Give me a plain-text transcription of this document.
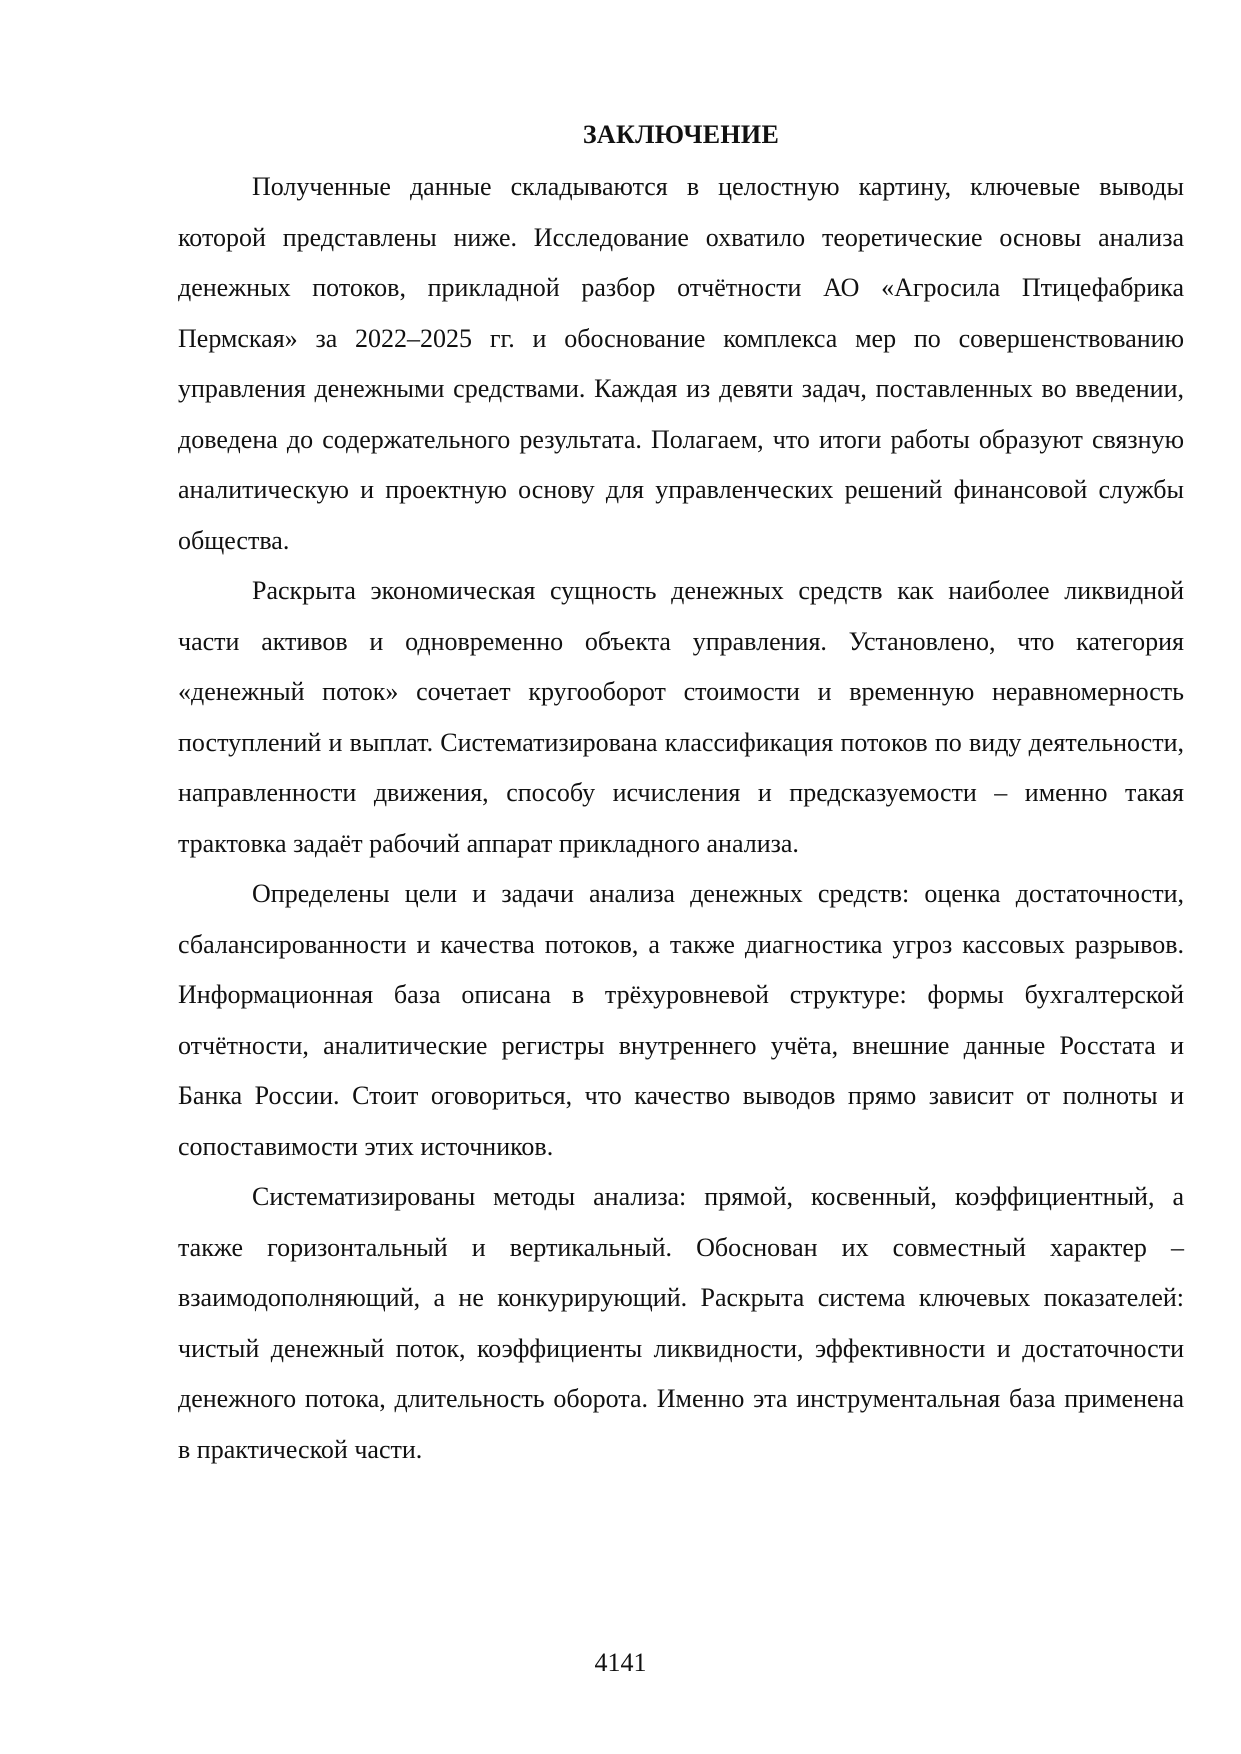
ЗАКЛЮЧЕНИЕ

Полученные данные складываются в целостную картину, ключевые выводы которой представлены ниже. Исследование охватило теоретические основы анализа денежных потоков, прикладной разбор отчётности АО «Агросила Птицефабрика Пермская» за 2022–2025 гг. и обоснование комплекса мер по совершенствованию управления денежными средствами. Каждая из девяти задач, поставленных во введении, доведена до содержательного результата. Полагаем, что итоги работы образуют связную аналитическую и проектную основу для управленческих решений финансовой службы общества.

Раскрыта экономическая сущность денежных средств как наиболее ликвидной части активов и одновременно объекта управления. Установлено, что категория «денежный поток» сочетает кругооборот стоимости и временную неравномерность поступлений и выплат. Систематизирована классификация потоков по виду деятельности, направленности движения, способу исчисления и предсказуемости – именно такая трактовка задаёт рабочий аппарат прикладного анализа.

Определены цели и задачи анализа денежных средств: оценка достаточности, сбалансированности и качества потоков, а также диагностика угроз кассовых разрывов. Информационная база описана в трёхуровневой структуре: формы бухгалтерской отчётности, аналитические регистры внутреннего учёта, внешние данные Росстата и Банка России. Стоит оговориться, что качество выводов прямо зависит от полноты и сопоставимости этих источников.

Систематизированы методы анализа: прямой, косвенный, коэффициентный, а также горизонтальный и вертикальный. Обоснован их совместный характер – взаимодополняющий, а не конкурирующий. Раскрыта система ключевых показателей: чистый денежный поток, коэффициенты ликвидности, эффективности и достаточности денежного потока, длительность оборота. Именно эта инструментальная база применена в практической части.

4141
